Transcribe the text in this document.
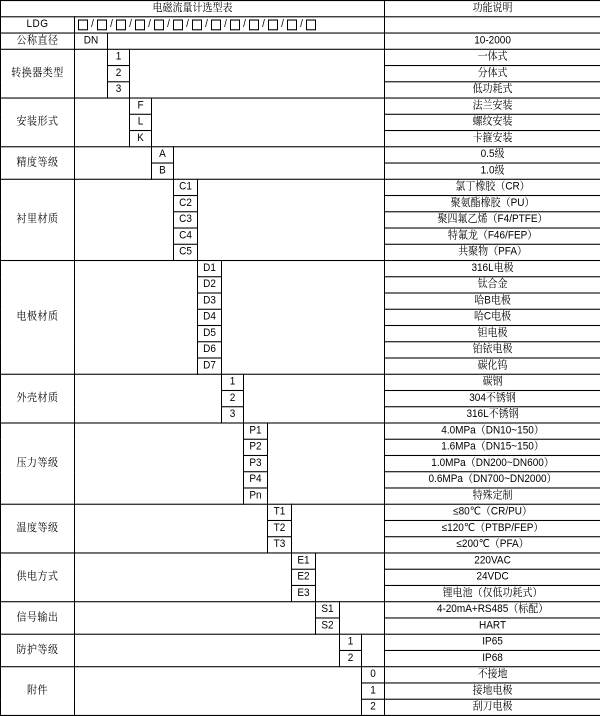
电磁流量计选型表														功能说明
LDG	/ / / / / / / / / / / /

公称直径	DN													10-2000
转换器类型		1												一体式
		2												分体式
		3												低功耗式
安装形式			F											法兰安装
			L											螺纹安装
			K											卡箍安装
精度等级				A										0.5级
				B										1.0级
衬里材质					C1									氯丁橡胶（CR）
					C2									聚氨酯橡胶（PU）
					C3									聚四氟乙烯（F4/PTFE）
					C4									特氟龙（F46/FEP）
					C5									共聚物（PFA）
电极材质						D1								316L电极
						D2								钛合金
						D3								哈B电极
						D4								哈C电极
						D5								钽电极
						D6								铂铱电极
						D7								碳化钨
外壳材质							1							碳钢
							2							304不锈钢
							3							316L不锈钢
压力等级								P1						4.0MPa（DN10~150）
								P2						1.6MPa（DN15~150）
								P3						1.0MPa（DN200~DN600）
								P4						0.6MPa（DN700~DN2000）
								Pn						特殊定制
温度等级									T1					≤80℃（CR/PU）
									T2					≤120℃（PTBP/FEP）
									T3					≤200℃（PFA）
供电方式										E1				220VAC
										E2				24VDC
										E3				锂电池（仅低功耗式）
信号输出											S1			4-20mA+RS485（标配）
											S2			HART
防护等级												1		IP65
												2		IP68
附件													0	不接地
													1	接地电极
													2	刮刀电极
